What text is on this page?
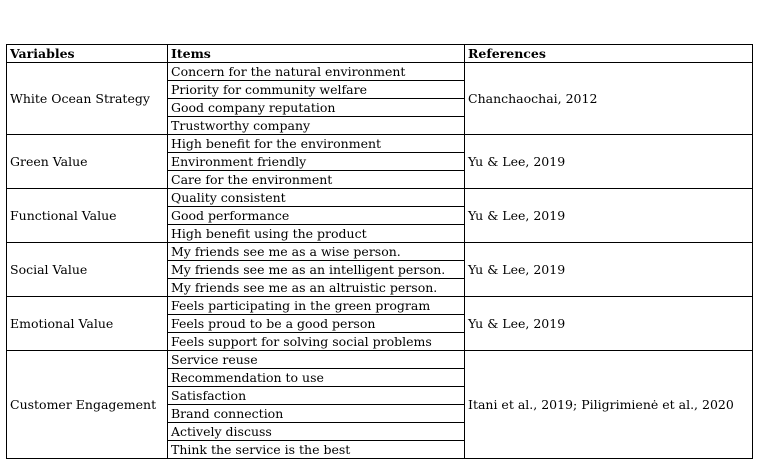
Variables	Items	References
White Ocean Strategy	Concern for the natural environment	Chanchaochai, 2012
	Priority for community welfare	
	Good company reputation	
	Trustworthy company	
Green Value	High benefit for the environment	Yu & Lee, 2019
	Environment friendly	
	Care for the environment	
Functional Value	Quality consistent	Yu & Lee, 2019
	Good performance	
	High benefit using the product	
Social Value	My friends see me as a wise person.	Yu & Lee, 2019
	My friends see me as an intelligent person.	
	My friends see me as an altruistic person.	
Emotional Value	Feels participating in the green program	Yu & Lee, 2019
	Feels proud to be a good person	
	Feels support for solving social problems	
Customer Engagement	Service reuse	Itani et al., 2019; Piligrimienė et al., 2020
	Recommendation to use	
	Satisfaction	
	Brand connection	
	Actively discuss	
	Think the service is the best	
